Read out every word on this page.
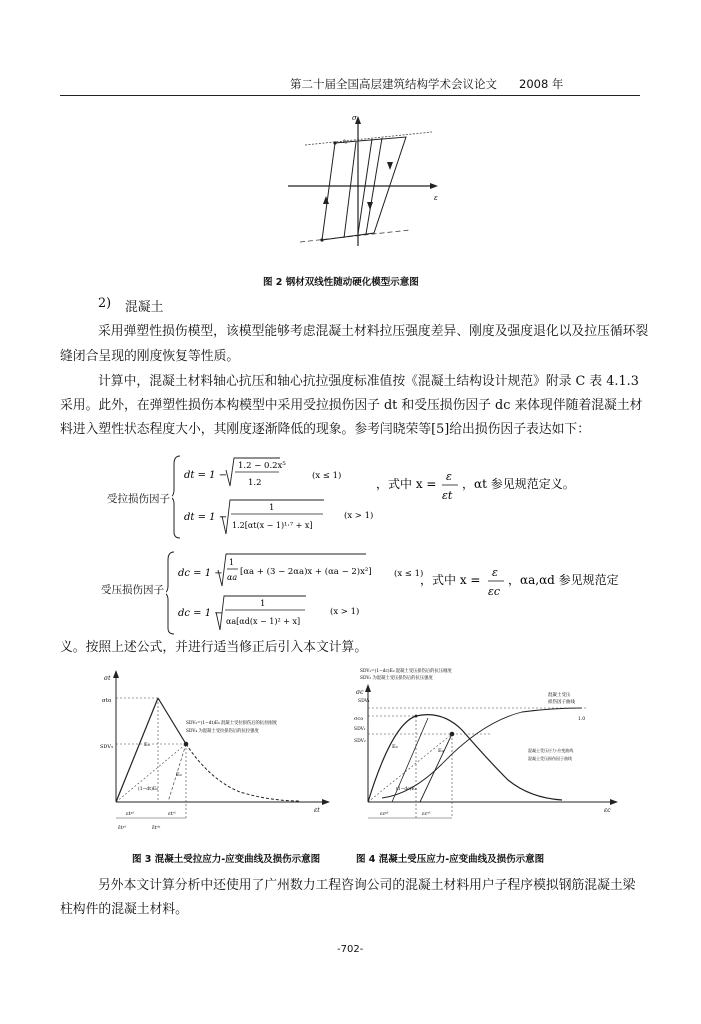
第二十届全国高层建筑结构学术会议论文 2008 年
σ
ε
fy
图 2 钢材双线性随动硬化模型示意图
2) 混凝土
采用弹塑性损伤模型，该模型能够考虑混凝土材料拉压强度差异、刚度及强度退化以及拉压循环裂
缝闭合呈现的刚度恢复等性质。
计算中，混凝土材料轴心抗压和轴心抗拉强度标准值按《混凝土结构设计规范》附录 C 表 4.1.3
采用。此外，在弹塑性损伤本构模型中采用受拉损伤因子 dt 和受压损伤因子 dc 来体现伴随着混凝土材
料进入塑性状态程度大小，其刚度逐渐降低的现象。参考闫晓荣等[5]给出损伤因子表达如下：
受拉损伤因子
dt = 1 −
1.2 − 0.2x⁵
1.2
(x ≤ 1)
dt = 1 −
1
1.2[αt(x − 1)¹·⁷ + x]
(x > 1)
，式中 x =
ε
εt
，αt 参见规范定义。
受压损伤因子
dc = 1 −
1
αa
[αa + (3 − 2αa)x + (αa − 2)x²]	(x ≤ 1)
dc = 1 −
1
αa[αd(x − 1)² + x]
(x > 1)
，式中 x =
ε
εc
，αa,αd 参见规范定
义。按照上述公式，并进行适当修正后引入本文计算。
σt
εt
σto
SDV₃	E₀
E₀
(1−dt)E₀
SDV₃=(1−dt)E₀ 混凝土受拉损伤后的抗拉刚度
SDV₄ 为混凝土受拉损伤后的抗拉强度
εtᵖˡ	εtᵉˡ
ε̃tᵖˡ	ε̃tᶜᵏ
σc
εc
σco
SDV₁
SDV₂
SDV₁
SDV₁=(1−dc)E₀ 混凝土受压损伤后的抗压刚度
SDV₂ 为混凝土受压损伤后的抗压强度
混凝土受压
损伤因子曲线
1.0
E₀
E₀
(1−dc)E₀
混凝土受压应力-应变曲线
混凝土受压损伤因子曲线
εcᵖˡ	εcᵉˡ
图 3 混凝土受拉应力-应变曲线及损伤示意图	图 4 混凝土受压应力-应变曲线及损伤示意图
另外本文计算分析中还使用了广州数力工程咨询公司的混凝土材料用户子程序模拟钢筋混凝土梁
柱构件的混凝土材料。
-702-
